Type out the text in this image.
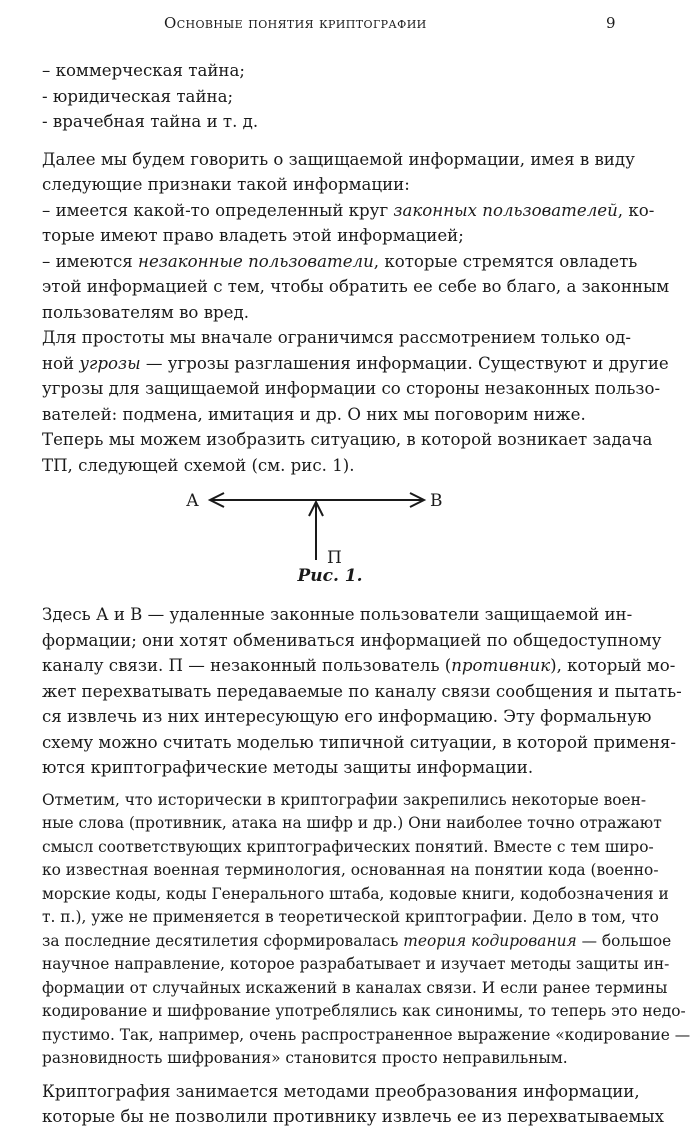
Основные понятия криптографии	9
– коммерческая тайна;
- юридическая тайна;
- врачебная тайна и т. д.
Далее мы будем говорить о защищаемой информации, имея в виду
следующие признаки такой информации:
– имеется какой-то определенный круг законных пользователей, ко-
торые имеют право владеть этой информацией;
– имеются незаконные пользователи, которые стремятся овладеть
этой информацией с тем, чтобы обратить ее себе во благо, а законным
пользователям во вред.
Для простоты мы вначале ограничимся рассмотрением только од-
ной угрозы — угрозы разглашения информации. Существуют и другие
угрозы для защищаемой информации со стороны незаконных пользо-
вателей: подмена, имитация и др. О них мы поговорим ниже.
Теперь мы можем изобразить ситуацию, в которой возникает задача
ТП, следующей схемой (см. рис. 1).
А	В
П
Рис. 1.
Здесь А и В — удаленные законные пользователи защищаемой ин-
формации; они хотят обмениваться информацией по общедоступному
каналу связи. П — незаконный пользователь (противник), который мо-
жет перехватывать передаваемые по каналу связи сообщения и пытать-
ся извлечь из них интересующую его информацию. Эту формальную
схему можно считать моделью типичной ситуации, в которой применя-
ются криптографические методы защиты информации.
Отметим, что исторически в криптографии закрепились некоторые воен-
ные слова (противник, атака на шифр и др.) Они наиболее точно отражают
смысл соответствующих криптографических понятий. Вместе с тем широ-
ко известная военная терминология, основанная на понятии кода (военно-
морские коды, коды Генерального штаба, кодовые книги, кодобозначения и
т. п.), уже не применяется в теоретической криптографии. Дело в том, что
за последние десятилетия сформировалась теория кодирования — большое
научное направление, которое разрабатывает и изучает методы защиты ин-
формации от случайных искажений в каналах связи. И если ранее термины
кодирование и шифрование употреблялись как синонимы, то теперь это недо-
пустимо. Так, например, очень распространенное выражение «кодирование —
разновидность шифрования» становится просто неправильным.
Криптография занимается методами преобразования информации,
которые бы не позволили противнику извлечь ее из перехватываемых
